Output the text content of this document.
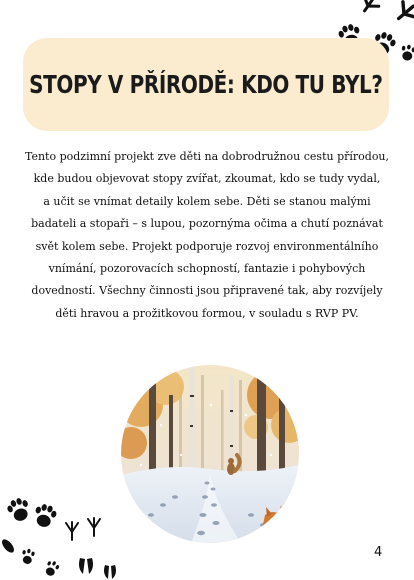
STOPY V PŘÍRODĚ: KDO TU BYL?

Tento podzimní projekt zve děti na dobrodružnou cestu přírodou,
kde budou objevovat stopy zvířat, zkoumat, kdo se tudy vydal,
a učit se vnímat detaily kolem sebe. Děti se stanou malými
badateli a stopaři – s lupou, pozornýma očima a chutí poznávat
svět kolem sebe. Projekt podporuje rozvoj environmentálního
vnímání, pozorovacích schopností, fantazie i pohybových
dovedností. Všechny činnosti jsou připravené tak, aby rozvíjely
děti hravou a prožitkovou formou, v souladu s RVP PV.

4
